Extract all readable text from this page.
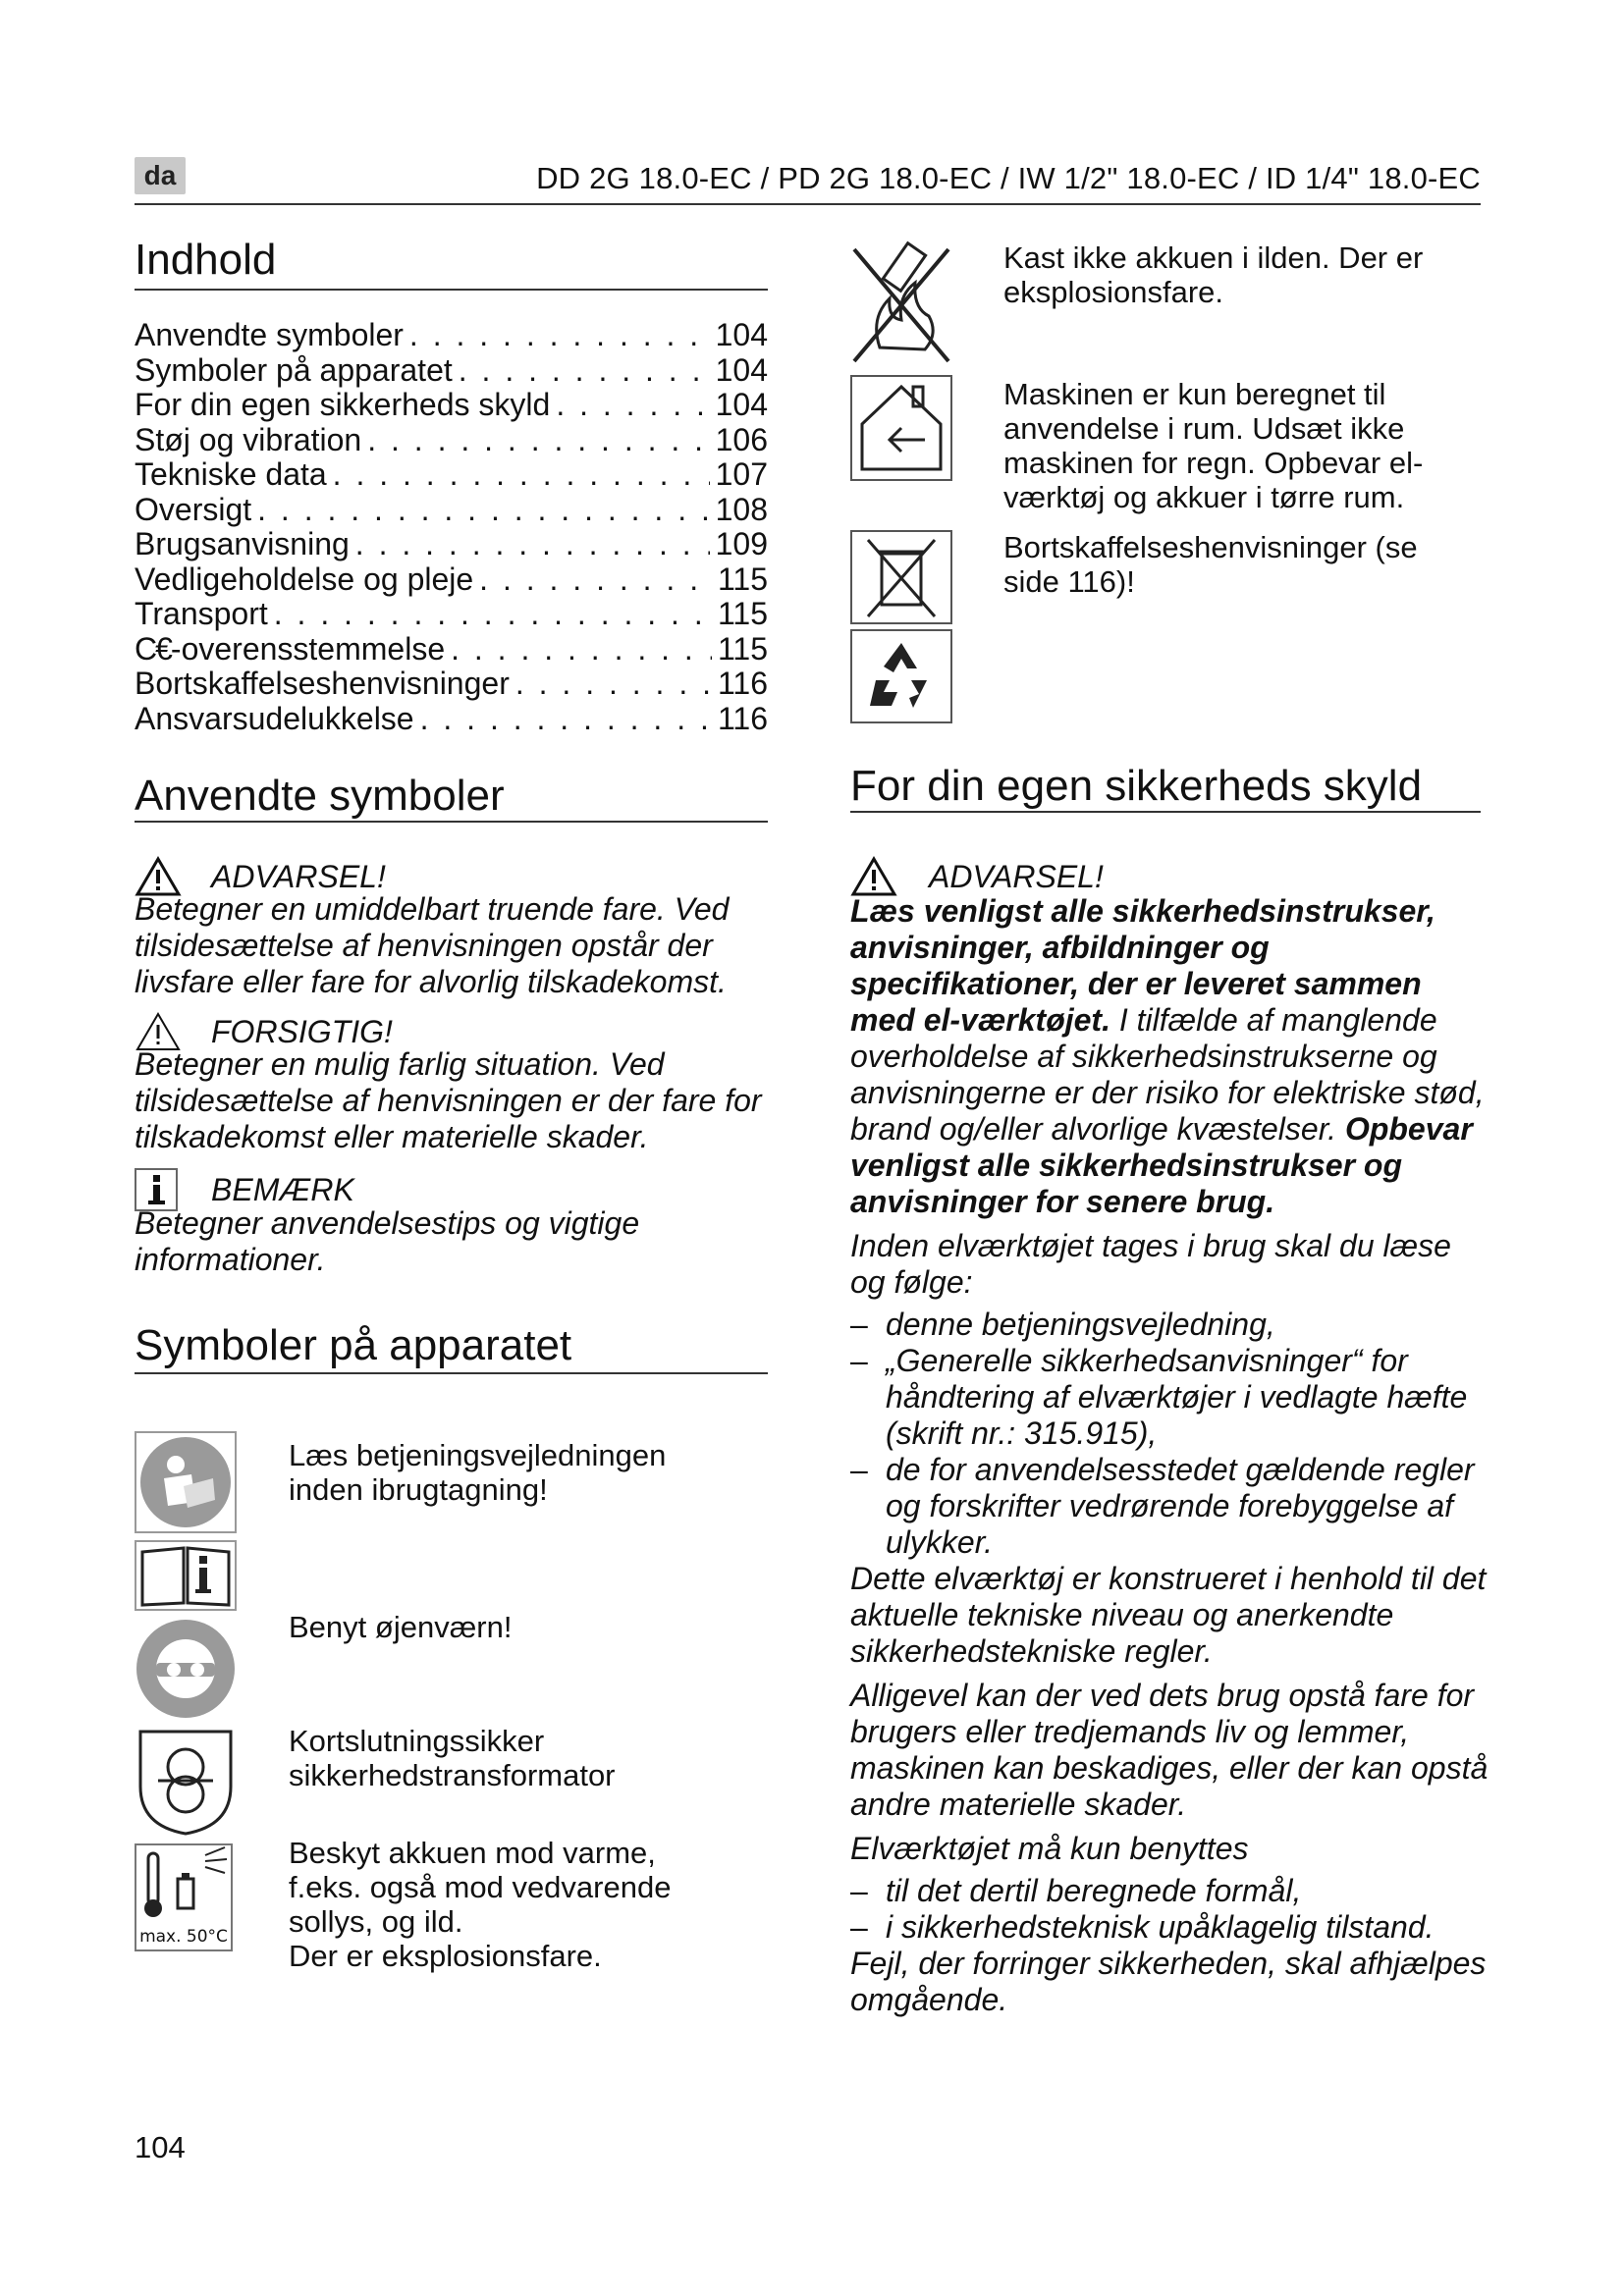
da	DD 2G 18.0-EC / PD 2G 18.0-EC / IW 1/2" 18.0-EC / ID 1/4" 18.0-EC
Indhold
Anvendte symboler . . .	104
Symboler på apparatet . . .	104
For din egen sikkerheds skyld . . .	104
Støj og vibration . . .	106
Tekniske data . . .	107
Oversigt . . .	108
Brugsanvisning . . .	109
Vedligeholdelse og pleje . . .	115
Transport . . .	115
C€-overensstemmelse . . .	115
Bortskaffelseshenvisninger . . .	116
Ansvarsudelukkelse . . .	116
Anvendte symboler
ADVARSEL!
Betegner en umiddelbart truende fare. Ved tilsidesættelse af henvisningen opstår der livsfare eller fare for alvorlig tilskadekomst.
FORSIGTIG!
Betegner en mulig farlig situation. Ved tilsidesættelse af henvisningen er der fare for tilskadekomst eller materielle skader.
BEMÆRK
Betegner anvendelsestips og vigtige informationer.
Symboler på apparatet

Læs betjeningsvejledningen inden ibrugtagning!
Benyt øjenværn!
Kortslutningssikker sikkerhedstransformator
max. 50°C
Beskyt akkuen mod varme, f.eks. også mod vedvarende sollys, og ild.
Der er eksplosionsfare.
Kast ikke akkuen i ilden. Der er eksplosionsfare.
Maskinen er kun beregnet til anvendelse i rum. Udsæt ikke maskinen for regn. Opbevar el-værktøj og akkuer i tørre rum.

Bortskaffelseshenvisninger (se side 116)!
For din egen sikkerheds skyld
ADVARSEL!
Læs venligst alle sikkerhedsinstrukser, anvisninger, afbildninger og specifikationer, der er leveret sammen med el-værktøjet. I tilfælde af manglende overholdelse af sikkerhedsinstrukserne og anvisningerne er der risiko for elektriske stød, brand og/eller alvorlige kvæstelser. Opbevar venligst alle sikkerhedsinstrukser og anvisninger for senere brug.
Inden elværktøjet tages i brug skal du læse og følge:
– denne betjeningsvejledning,
– „Generelle sikkerhedsanvisninger“ for håndtering af elværktøjer i vedlagte hæfte (skrift nr.: 315.915),
– de for anvendelsesstedet gældende regler og forskrifter vedrørende forebyggelse af ulykker.
Dette elværktøj er konstrueret i henhold til det aktuelle tekniske niveau og anerkendte sikkerhedstekniske regler.
Alligevel kan der ved dets brug opstå fare for brugers eller tredjemands liv og lemmer, maskinen kan beskadiges, eller der kan opstå andre materielle skader.
Elværktøjet må kun benyttes
– til det dertil beregnede formål,
– i sikkerhedsteknisk upåklagelig tilstand.
Fejl, der forringer sikkerheden, skal afhjælpes omgående.
104
